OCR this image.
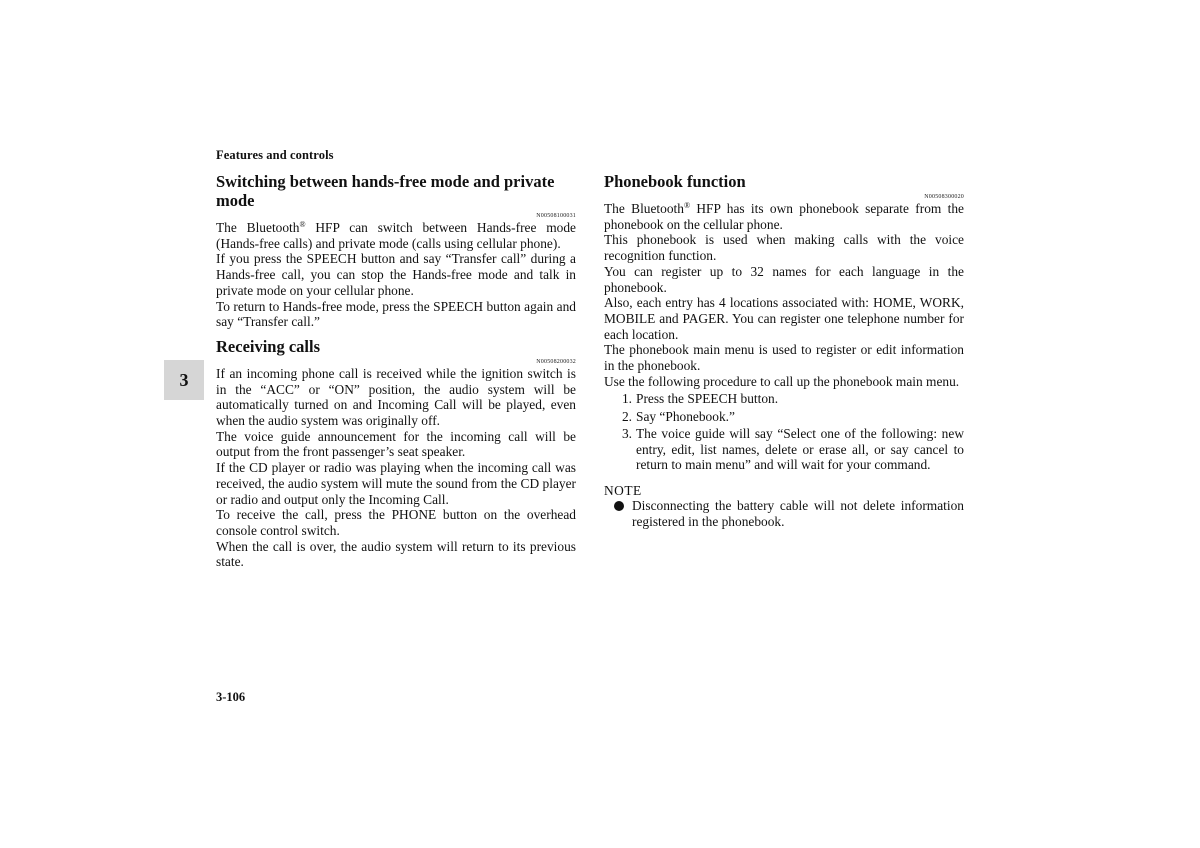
Features and controls
3
Switching between hands-free mode and private mode
N00508100031

The Bluetooth® HFP can switch between Hands-free mode (Hands-free calls) and private mode (calls using cellular phone).

If you press the SPEECH button and say “Transfer call” during a Hands-free call, you can stop the Hands-free mode and talk in private mode on your cellular phone.

To return to Hands-free mode, press the SPEECH button again and say “Transfer call.”

Receiving calls
N00508200032

If an incoming phone call is received while the ignition switch is in the “ACC” or “ON” position, the audio system will be automatically turned on and Incoming Call will be played, even when the audio system was originally off.

The voice guide announcement for the incoming call will be output from the front passenger’s seat speaker.

If the CD player or radio was playing when the incoming call was received, the audio system will mute the sound from the CD player or radio and output only the Incoming Call.

To receive the call, press the PHONE button on the overhead console control switch.

When the call is over, the audio system will return to its previous state.

Phonebook function
N00508300020

The Bluetooth® HFP has its own phonebook separate from the phonebook on the cellular phone.

This phonebook is used when making calls with the voice recognition function.

You can register up to 32 names for each language in the phonebook.

Also, each entry has 4 locations associated with: HOME, WORK, MOBILE and PAGER. You can register one telephone number for each location.

The phonebook main menu is used to register or edit information in the phonebook.

Use the following procedure to call up the phonebook main menu.

1. Press the SPEECH button.
2. Say “Phonebook.”
3. The voice guide will say “Select one of the following: new entry, edit, list names, delete or erase all, or say cancel to return to main menu” and will wait for your command.
NOTE
Disconnecting the battery cable will not delete information registered in the phonebook.
3-106
